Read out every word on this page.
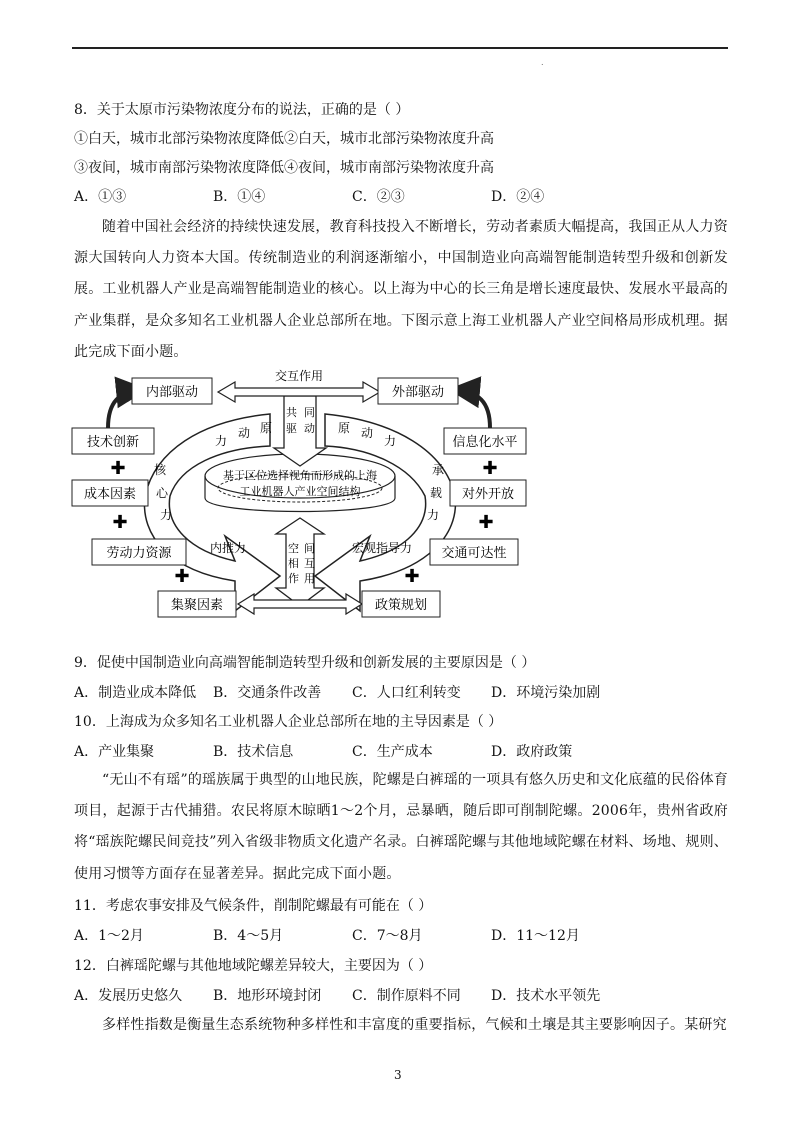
.
8．关于太原市污染物浓度分布的说法，正确的是（ ）
①白天，城市北部污染物浓度降低②白天，城市北部污染物浓度升高
③夜间，城市南部污染物浓度降低④夜间，城市南部污染物浓度升高
A．①③	B．①④	C．②③	D．②④
随着中国社会经济的持续快速发展，教育科技投入不断增长，劳动者素质大幅提高，我国正从人力资源大国转向人力资本大国。传统制造业的利润逐渐缩小，中国制造业向高端智能制造转型升级和创新发展。工业机器人产业是高端智能制造业的核心。以上海为中心的长三角是增长速度最快、发展水平最高的产业集群，是众多知名工业机器人企业总部所在地。下图示意上海工业机器人产业空间格局形成机理。据此完成下面小题。
内部驱动	外部驱动
交互作用
技术创新
成本因素
劳动力资源
集聚因素
信息化水平
对外开放
交通可达性
政策规划
✚
✚
✚
✚
✚
✚
力
动 原	原 动
力
核
心
力
承
载
力
共
驱
同
动
空
相
作
间
互
用
内推力	宏观指导力
基于区位选择视角而形成的上海
工业机器人产业空间结构
9．促使中国制造业向高端智能制造转型升级和创新发展的主要原因是（ ）
A．制造业成本降低 B．交通条件改善 C．人口红利转变 D．环境污染加剧
10．上海成为众多知名工业机器人企业总部所在地的主导因素是（ ）
A．产业集聚	B．技术信息	C．生产成本	D．政府政策
“无山不有瑶”的瑶族属于典型的山地民族，陀螺是白裤瑶的一项具有悠久历史和文化底蕴的民俗体育项目，起源于古代捕猎。农民将原木晾晒1～2个月，忌暴晒，随后即可削制陀螺。2006年，贵州省政府将“瑶族陀螺民间竞技”列入省级非物质文化遗产名录。白裤瑶陀螺与其他地域陀螺在材料、场地、规则、使用习惯等方面存在显著差异。据此完成下面小题。
11．考虑农事安排及气候条件，削制陀螺最有可能在（ ）
A．1～2月	B．4～5月	C．7～8月	D．11～12月
12．白裤瑶陀螺与其他地域陀螺差异较大，主要因为（ ）
A．发展历史悠久 B．地形环境封闭 C．制作原料不同 D．技术水平领先
多样性指数是衡量生态系统物种多样性和丰富度的重要指标，气候和土壤是其主要影响因子。某研究
3
